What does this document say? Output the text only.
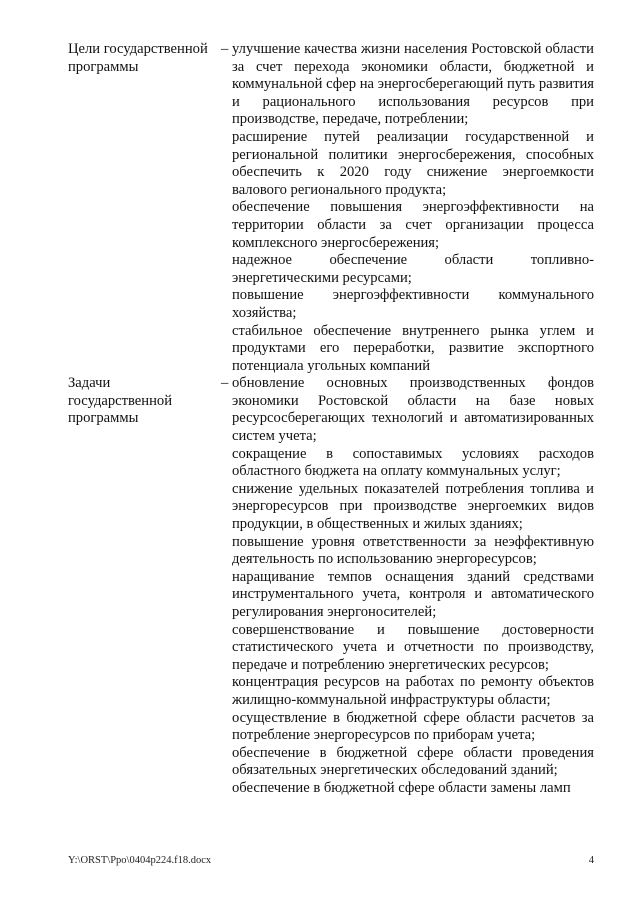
Цели государственной программы
– улучшение качества жизни населения Ростовской области за счет перехода экономики области, бюджетной и коммунальной сфер на энергосберегающий путь развития и рационального использования ресурсов при производстве, передаче, потреблении;

расширение путей реализации государственной и региональной политики энергосбережения, способных обеспечить к 2020 году снижение энергоемкости валового регионального продукта;

обеспечение повышения энергоэффективности на территории области за счет организации процесса комплексного энергосбережения;

надежное обеспечение области топливно-энергетическими ресурсами;

повышение энергоэффективности коммунального хозяйства;

стабильное обеспечение внутреннего рынка углем и продуктами его переработки, развитие экспортного потенциала угольных компаний

Задачи государственной программы
– обновление основных производственных фондов экономики Ростовской области на базе новых ресурсосберегающих технологий и автоматизированных систем учета;

сокращение в сопоставимых условиях расходов областного бюджета на оплату коммунальных услуг;

снижение удельных показателей потребления топлива и энергоресурсов при производстве энергоемких видов продукции, в общественных и жилых зданиях;

повышение уровня ответственности за неэффективную деятельность по использованию энергоресурсов;

наращивание темпов оснащения зданий средствами инструментального учета, контроля и автоматического регулирования энергоносителей;

совершенствование и повышение достоверности статистического учета и отчетности по производству, передаче и потреблению энергетических ресурсов;

концентрация ресурсов на работах по ремонту объектов жилищно-коммунальной инфраструктуры области;

осуществление в бюджетной сфере области расчетов за потребление энергоресурсов по приборам учета;

обеспечение в бюджетной сфере области проведения обязательных энергетических обследований зданий;

обеспечение в бюджетной сфере области замены ламп

Y:\ORST\Ppo\0404p224.f18.docx	4
